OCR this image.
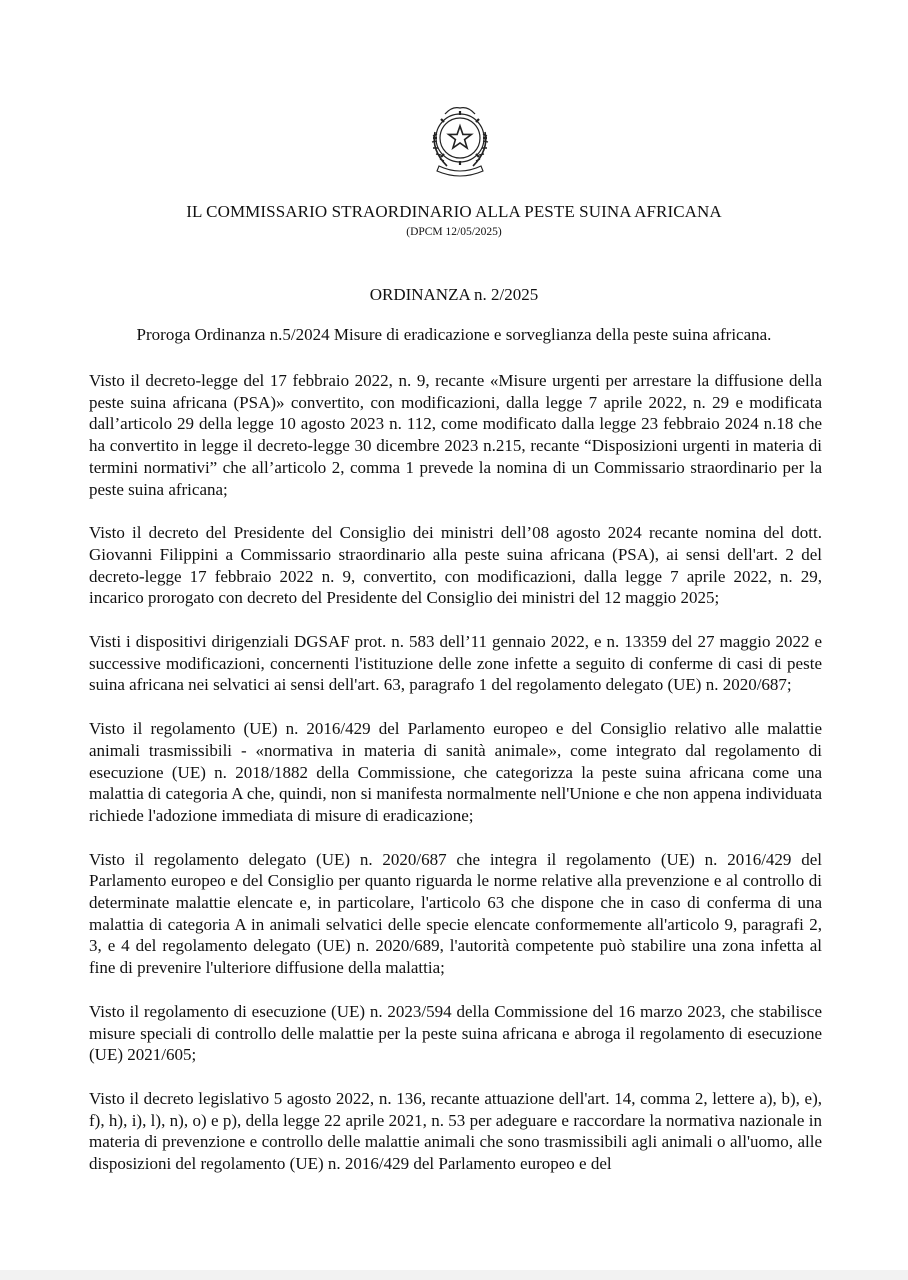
IL COMMISSARIO STRAORDINARIO ALLA PESTE SUINA AFRICANA
(DPCM 12/05/2025)
ORDINANZA n. 2/2025
Proroga Ordinanza n.5/2024 Misure di eradicazione e sorveglianza della peste suina africana.

Visto il decreto-legge del 17 febbraio 2022, n. 9, recante «Misure urgenti per arrestare la diffusione della peste suina africana (PSA)» convertito, con modificazioni, dalla legge 7 aprile 2022, n. 29 e modificata dall’articolo 29 della legge 10 agosto 2023 n. 112, come modificato dalla legge 23 febbraio 2024 n.18 che ha convertito in legge il decreto-legge 30 dicembre 2023 n.215, recante “Disposizioni urgenti in materia di termini normativi” che all’articolo 2, comma 1 prevede la nomina di un Commissario straordinario per la peste suina africana;

Visto il decreto del Presidente del Consiglio dei ministri dell’08 agosto 2024 recante nomina del dott. Giovanni Filippini a Commissario straordinario alla peste suina africana (PSA), ai sensi dell'art. 2 del decreto-legge 17 febbraio 2022 n. 9, convertito, con modificazioni, dalla legge 7 aprile 2022, n. 29, incarico prorogato con decreto del Presidente del Consiglio dei ministri del 12 maggio 2025;

Visti i dispositivi dirigenziali DGSAF prot. n. 583 dell’11 gennaio 2022, e n. 13359 del 27 maggio 2022 e successive modificazioni, concernenti l'istituzione delle zone infette a seguito di conferme di casi di peste suina africana nei selvatici ai sensi dell'art. 63, paragrafo 1 del regolamento delegato (UE) n. 2020/687;

Visto il regolamento (UE) n. 2016/429 del Parlamento europeo e del Consiglio relativo alle malattie animali trasmissibili - «normativa in materia di sanità animale», come integrato dal regolamento di esecuzione (UE) n. 2018/1882 della Commissione, che categorizza la peste suina africana come una malattia di categoria A che, quindi, non si manifesta normalmente nell'Unione e che non appena individuata richiede l'adozione immediata di misure di eradicazione;

Visto il regolamento delegato (UE) n. 2020/687 che integra il regolamento (UE) n. 2016/429 del Parlamento europeo e del Consiglio per quanto riguarda le norme relative alla prevenzione e al controllo di determinate malattie elencate e, in particolare, l'articolo 63 che dispone che in caso di conferma di una malattia di categoria A in animali selvatici delle specie elencate conformemente all'articolo 9, paragrafi 2, 3, e 4 del regolamento delegato (UE) n. 2020/689, l'autorità competente può stabilire una zona infetta al fine di prevenire l'ulteriore diffusione della malattia;

Visto il regolamento di esecuzione (UE) n. 2023/594 della Commissione del 16 marzo 2023, che stabilisce misure speciali di controllo delle malattie per la peste suina africana e abroga il regolamento di esecuzione (UE) 2021/605;

Visto il decreto legislativo 5 agosto 2022, n. 136, recante attuazione dell'art. 14, comma 2, lettere a), b), e), f), h), i), l), n), o) e p), della legge 22 aprile 2021, n. 53 per adeguare e raccordare la normativa nazionale in materia di prevenzione e controllo delle malattie animali che sono trasmissibili agli animali o all'uomo, alle disposizioni del regolamento (UE) n. 2016/429 del Parlamento europeo e del
